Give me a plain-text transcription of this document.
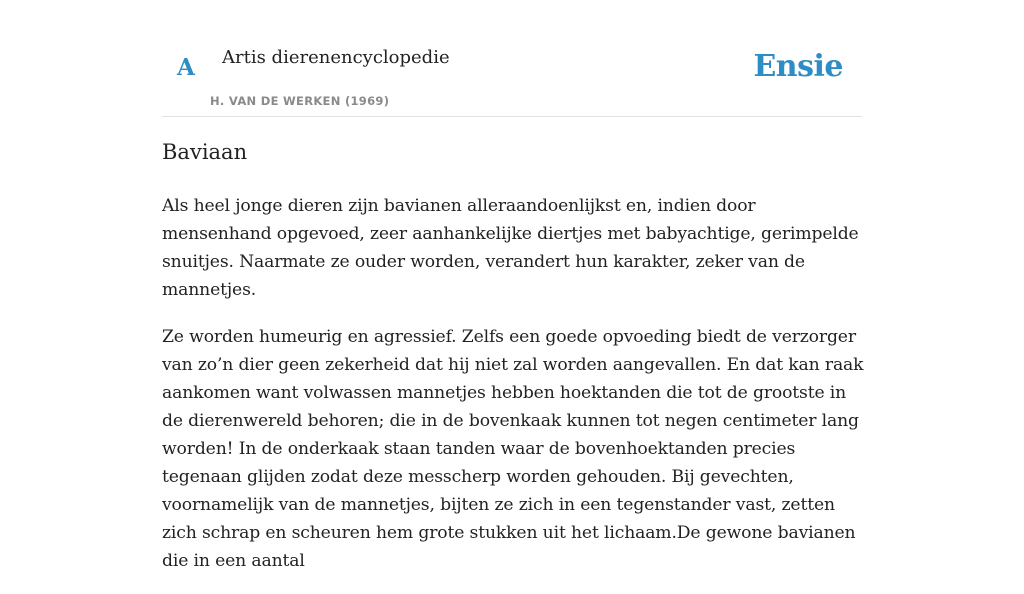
A Artis dierenencyclopedie
H. VAN DE WERKEN (1969)
Ensie
Baviaan

Als heel jonge dieren zijn bavianen alleraandoenlijkst en, indien door mensenhand opgevoed, zeer aanhankelijke diertjes met babyachtige, gerimpelde snuitjes. Naarmate ze ouder worden, verandert hun karakter, zeker van de mannetjes.

Ze worden humeurig en agressief. Zelfs een goede opvoeding biedt de verzorger van zo’n dier geen zekerheid dat hij niet zal worden aangevallen. En dat kan raak aankomen want volwassen mannetjes hebben hoektanden die tot de grootste in de dierenwereld behoren; die in de bovenkaak kunnen tot negen centimeter lang worden! In de onderkaak staan tanden waar de bovenhoektanden precies tegenaan glijden zodat deze messcherp worden gehouden. Bij gevechten, voornamelijk van de mannetjes, bijten ze zich in een tegenstander vast, zetten zich schrap en scheuren hem grote stukken uit het lichaam.De gewone bavianen die in een aantal
